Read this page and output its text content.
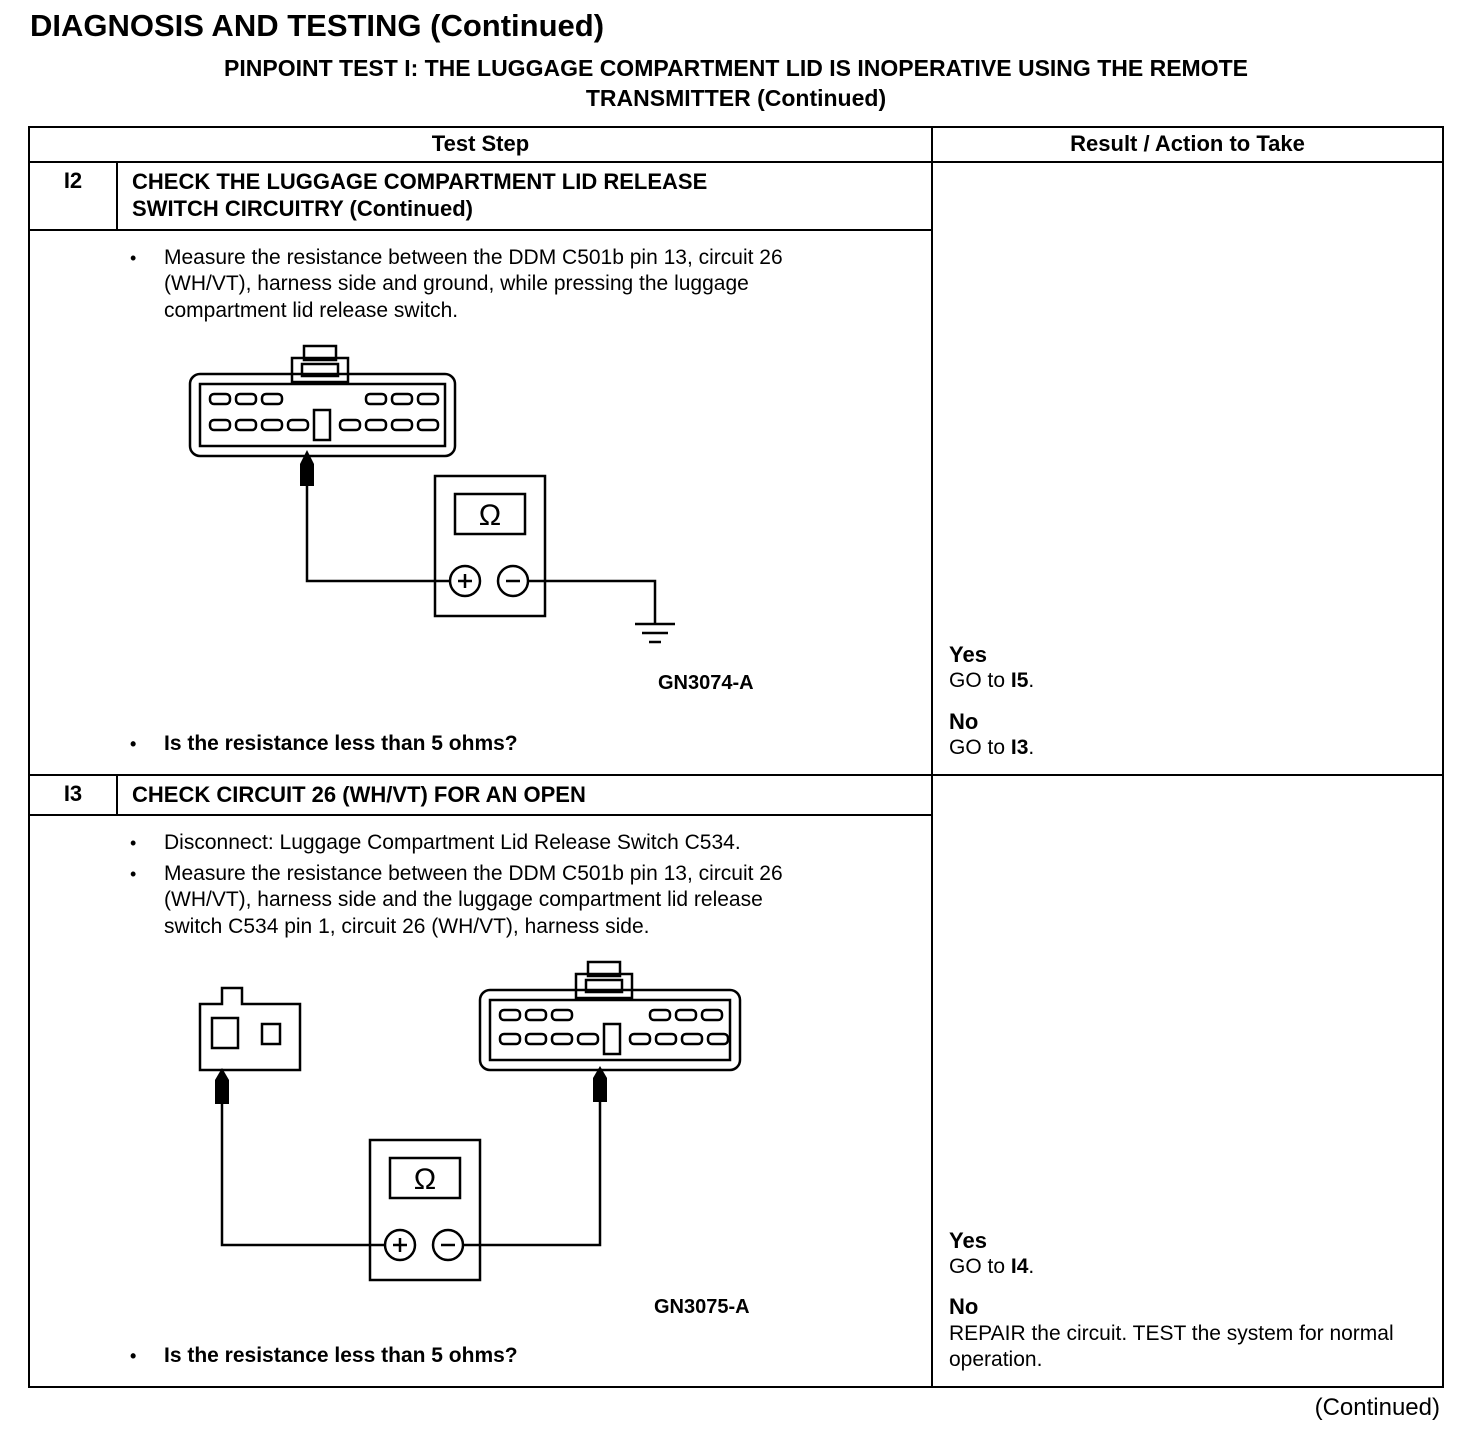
DIAGNOSIS AND TESTING (Continued)
PINPOINT TEST I: THE LUGGAGE COMPARTMENT LID IS INOPERATIVE USING THE REMOTE
TRANSMITTER (Continued)
Test Step	Result / Action to Take
I2	CHECK THE LUGGAGE COMPARTMENT LID RELEASE SWITCH CIRCUITRY (Continued)
•	Measure the resistance between the DDM C501b pin 13, circuit 26 (WH/VT), harness side and ground, while pressing the luggage compartment lid release switch.
Ω
GN3074-A
•	Is the resistance less than 5 ohms?
Yes
GO to I5.
No
GO to I3.
I3	CHECK CIRCUIT 26 (WH/VT) FOR AN OPEN
•	Disconnect: Luggage Compartment Lid Release Switch C534.
•	Measure the resistance between the DDM C501b pin 13, circuit 26 (WH/VT), harness side and the luggage compartment lid release switch C534 pin 1, circuit 26 (WH/VT), harness side.
Ω
GN3075-A
•	Is the resistance less than 5 ohms?
Yes
GO to I4.
No
REPAIR the circuit. TEST the system for normal operation.
(Continued)
